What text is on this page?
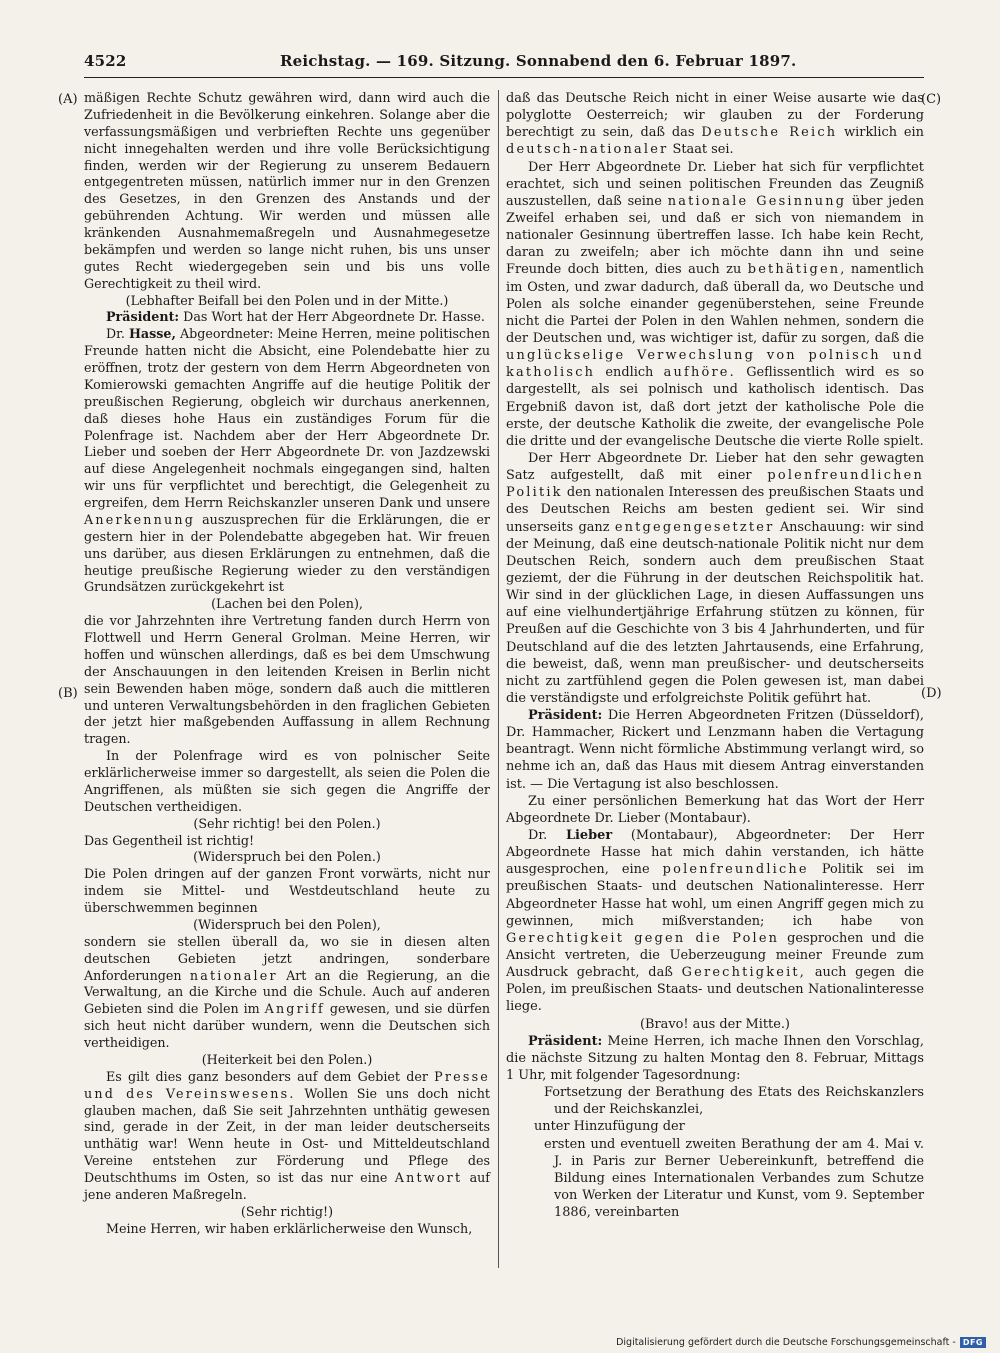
4522	Reichstag. — 169. Sitzung. Sonnabend den 6. Februar 1897.
(A)
(B)
(C)
(D)

mäßigen Rechte Schutz gewähren wird, dann wird auch die Zufriedenheit in die Bevölkerung einkehren. Solange aber die verfassungsmäßigen und verbrieften Rechte uns gegenüber nicht innegehalten werden und ihre volle Berücksichtigung finden, werden wir der Regierung zu unserem Bedauern entgegentreten müssen, natürlich immer nur in den Grenzen des Gesetzes, in den Grenzen des Anstands und der gebührenden Achtung. Wir werden und müssen alle kränkenden Ausnahmemaßregeln und Ausnahmegesetze bekämpfen und werden so lange nicht ruhen, bis uns unser gutes Recht wiedergegeben sein und bis uns volle Gerechtigkeit zu theil wird.

(Lebhafter Beifall bei den Polen und in der Mitte.)

Präsident: Das Wort hat der Herr Abgeordnete Dr. Hasse.

Dr. Hasse, Abgeordneter: Meine Herren, meine politischen Freunde hatten nicht die Absicht, eine Polendebatte hier zu eröffnen, trotz der gestern von dem Herrn Abgeordneten von Komierowski gemachten Angriffe auf die heutige Politik der preußischen Regierung, obgleich wir durchaus anerkennen, daß dieses hohe Haus ein zuständiges Forum für die Polenfrage ist. Nachdem aber der Herr Abgeordnete Dr. Lieber und soeben der Herr Abgeordnete Dr. von Jazdzewski auf diese Angelegenheit nochmals eingegangen sind, halten wir uns für verpflichtet und berechtigt, die Gelegenheit zu ergreifen, dem Herrn Reichskanzler unseren Dank und unsere Anerkennung auszusprechen für die Erklärungen, die er gestern hier in der Polendebatte abgegeben hat. Wir freuen uns darüber, aus diesen Erklärungen zu entnehmen, daß die heutige preußische Regierung wieder zu den verständigen Grundsätzen zurückgekehrt ist

(Lachen bei den Polen),

die vor Jahrzehnten ihre Vertretung fanden durch Herrn von Flottwell und Herrn General Grolman. Meine Herren, wir hoffen und wünschen allerdings, daß es bei dem Umschwung der Anschauungen in den leitenden Kreisen in Berlin nicht sein Bewenden haben möge, sondern daß auch die mittleren und unteren Verwaltungsbehörden in den fraglichen Gebieten der jetzt hier maßgebenden Auffassung in allem Rechnung tragen.

In der Polenfrage wird es von polnischer Seite erklärlicherweise immer so dargestellt, als seien die Polen die Angriffenen, als müßten sie sich gegen die Angriffe der Deutschen vertheidigen.

(Sehr richtig! bei den Polen.)

Das Gegentheil ist richtig!

(Widerspruch bei den Polen.)

Die Polen dringen auf der ganzen Front vorwärts, nicht nur indem sie Mittel- und Westdeutschland heute zu überschwemmen beginnen

(Widerspruch bei den Polen),

sondern sie stellen überall da, wo sie in diesen alten deutschen Gebieten jetzt andringen, sonderbare Anforderungen nationaler Art an die Regierung, an die Verwaltung, an die Kirche und die Schule. Auch auf anderen Gebieten sind die Polen im Angriff gewesen, und sie dürfen sich heut nicht darüber wundern, wenn die Deutschen sich vertheidigen.

(Heiterkeit bei den Polen.)

Es gilt dies ganz besonders auf dem Gebiet der Presse und des Vereinswesens. Wollen Sie uns doch nicht glauben machen, daß Sie seit Jahrzehnten unthätig gewesen sind, gerade in der Zeit, in der man leider deutscherseits unthätig war! Wenn heute in Ost- und Mitteldeutschland Vereine entstehen zur Förderung und Pflege des Deutschthums im Osten, so ist das nur eine Antwort auf jene anderen Maßregeln.

(Sehr richtig!)

Meine Herren, wir haben erklärlicherweise den Wunsch,

daß das Deutsche Reich nicht in einer Weise ausarte wie das polyglotte Oesterreich; wir glauben zu der Forderung berechtigt zu sein, daß das Deutsche Reich wirklich ein deutsch-nationaler Staat sei.

Der Herr Abgeordnete Dr. Lieber hat sich für verpflichtet erachtet, sich und seinen politischen Freunden das Zeugniß auszustellen, daß seine nationale Gesinnung über jeden Zweifel erhaben sei, und daß er sich von niemandem in nationaler Gesinnung übertreffen lasse. Ich habe kein Recht, daran zu zweifeln; aber ich möchte dann ihn und seine Freunde doch bitten, dies auch zu bethätigen, namentlich im Osten, und zwar dadurch, daß überall da, wo Deutsche und Polen als solche einander gegenüberstehen, seine Freunde nicht die Partei der Polen in den Wahlen nehmen, sondern die der Deutschen und, was wichtiger ist, dafür zu sorgen, daß die unglückselige Verwechslung von polnisch und katholisch endlich aufhöre. Geflissentlich wird es so dargestellt, als sei polnisch und katholisch identisch. Das Ergebniß davon ist, daß dort jetzt der katholische Pole die erste, der deutsche Katholik die zweite, der evangelische Pole die dritte und der evangelische Deutsche die vierte Rolle spielt.

Der Herr Abgeordnete Dr. Lieber hat den sehr gewagten Satz aufgestellt, daß mit einer polenfreundlichen Politik den nationalen Interessen des preußischen Staats und des Deutschen Reichs am besten gedient sei. Wir sind unserseits ganz entgegengesetzter Anschauung: wir sind der Meinung, daß eine deutsch-nationale Politik nicht nur dem Deutschen Reich, sondern auch dem preußischen Staat geziemt, der die Führung in der deutschen Reichspolitik hat. Wir sind in der glücklichen Lage, in diesen Auffassungen uns auf eine vielhundertjährige Erfahrung stützen zu können, für Preußen auf die Geschichte von 3 bis 4 Jahrhunderten, und für Deutschland auf die des letzten Jahrtausends, eine Erfahrung, die beweist, daß, wenn man preußischer- und deutscherseits nicht zu zartfühlend gegen die Polen gewesen ist, man dabei die verständigste und erfolgreichste Politik geführt hat.

Präsident: Die Herren Abgeordneten Fritzen (Düsseldorf), Dr. Hammacher, Rickert und Lenzmann haben die Vertagung beantragt. Wenn nicht förmliche Abstimmung verlangt wird, so nehme ich an, daß das Haus mit diesem Antrag einverstanden ist. — Die Vertagung ist also beschlossen.

Zu einer persönlichen Bemerkung hat das Wort der Herr Abgeordnete Dr. Lieber (Montabaur).

Dr. Lieber (Montabaur), Abgeordneter: Der Herr Abgeordnete Hasse hat mich dahin verstanden, ich hätte ausgesprochen, eine polenfreundliche Politik sei im preußischen Staats- und deutschen Nationalinteresse. Herr Abgeordneter Hasse hat wohl, um einen Angriff gegen mich zu gewinnen, mich mißverstanden; ich habe von Gerechtigkeit gegen die Polen gesprochen und die Ansicht vertreten, die Ueberzeugung meiner Freunde zum Ausdruck gebracht, daß Gerechtigkeit, auch gegen die Polen, im preußischen Staats- und deutschen Nationalinteresse liege.

(Bravo! aus der Mitte.)

Präsident: Meine Herren, ich mache Ihnen den Vorschlag, die nächste Sitzung zu halten Montag den 8. Februar, Mittags 1 Uhr, mit folgender Tagesordnung:

Fortsetzung der Berathung des Etats des Reichskanzlers und der Reichskanzlei,

unter Hinzufügung der

ersten und eventuell zweiten Berathung der am 4. Mai v. J. in Paris zur Berner Uebereinkunft, betreffend die Bildung eines Internationalen Verbandes zum Schutze von Werken der Literatur und Kunst, vom 9. September 1886, vereinbarten

Digitalisierung gefördert durch die Deutsche Forschungsgemeinschaft - DFG
